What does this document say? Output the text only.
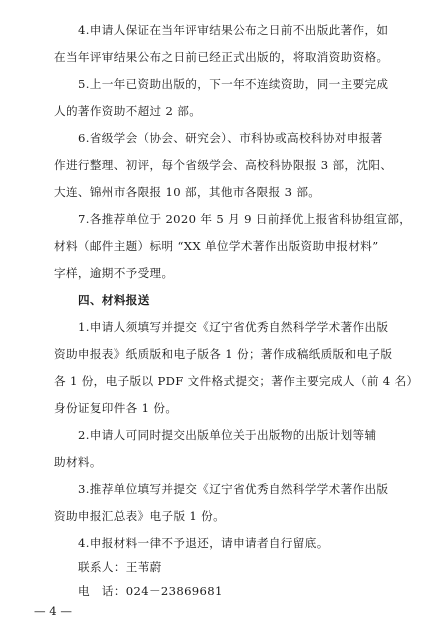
4.申请人保证在当年评审结果公布之日前不出版此著作，如
在当年评审结果公布之日前已经正式出版的，将取消资助资格。
5.上一年已资助出版的，下一年不连续资助，同一主要完成
人的著作资助不超过 2 部。
6.省级学会（协会、研究会）、市科协或高校科协对申报著
作进行整理、初评，每个省级学会、高校科协限报 3 部，沈阳、
大连、锦州市各限报 10 部，其他市各限报 3 部。
7.各推荐单位于 2020 年 5 月 9 日前择优上报省科协组宣部，
材料（邮件主题）标明 “XX 单位学术著作出版资助申报材料”
字样，逾期不予受理。
四、材料报送
1.申请人须填写并提交《辽宁省优秀自然科学学术著作出版
资助申报表》纸质版和电子版各 1 份；著作成稿纸质版和电子版
各 1 份，电子版以 PDF 文件格式提交；著作主要完成人（前 4 名）
身份证复印件各 1 份。
2.申请人可同时提交出版单位关于出版物的出版计划等辅
助材料。
3.推荐单位填写并提交《辽宁省优秀自然科学学术著作出版
资助申报汇总表》电子版 1 份。
4.申报材料一律不予退还，请申请者自行留底。
联系人：王苇蔚
电　话：024－23869681
— 4 —
